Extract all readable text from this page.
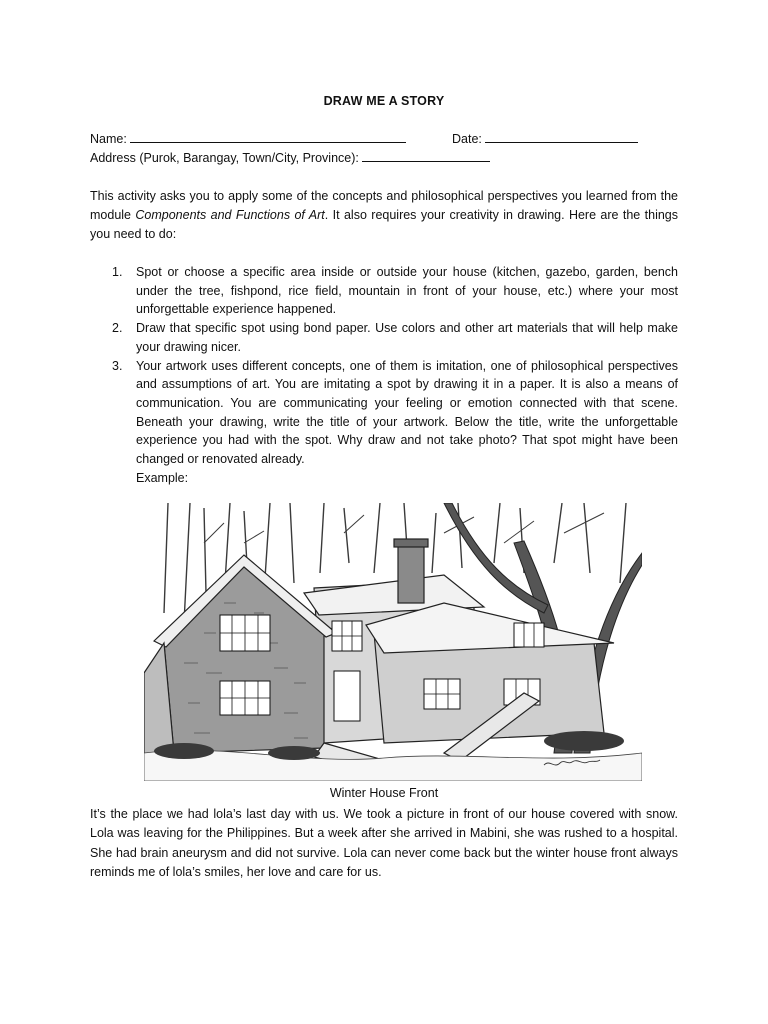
DRAW ME A STORY
Name:	Date:
Address (Purok, Barangay, Town/City, Province):
This activity asks you to apply some of the concepts and philosophical perspectives you learned from the module Components and Functions of Art. It also requires your creativity in drawing. Here are the things you need to do:
1. Spot or choose a specific area inside or outside your house (kitchen, gazebo, garden, bench under the tree, fishpond, rice field, mountain in front of your house, etc.) where your most unforgettable experience happened.
2. Draw that specific spot using bond paper. Use colors and other art materials that will help make your drawing nicer.
3. Your artwork uses different concepts, one of them is imitation, one of philosophical perspectives and assumptions of art. You are imitating a spot by drawing it in a paper. It is also a means of communication. You are communicating your feeling or emotion connected with that scene. Beneath your drawing, write the title of your artwork. Below the title, write the unforgettable experience you had with the spot. Why draw and not take photo? That spot might have been changed or renovated already.
Example:
Winter House Front
It’s the place we had lola’s last day with us. We took a picture in front of our house covered with snow. Lola was leaving for the Philippines. But a week after she arrived in Mabini, she was rushed to a hospital. She had brain aneurysm and did not survive. Lola can never come back but the winter house front always reminds me of lola’s smiles, her love and care for us.
